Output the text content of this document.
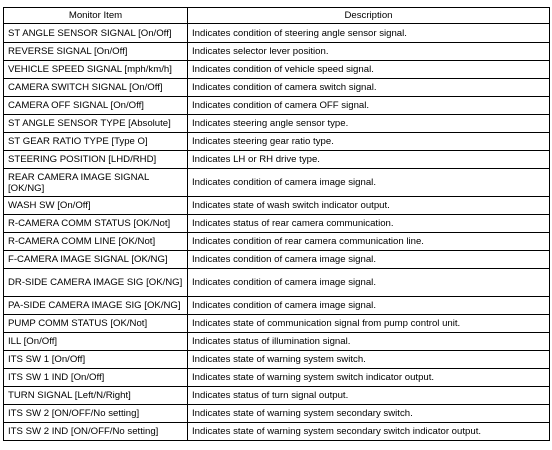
Monitor Item	Description
ST ANGLE SENSOR SIGNAL [On/Off]	Indicates condition of steering angle sensor signal.
REVERSE SIGNAL [On/Off]	Indicates selector lever position.
VEHICLE SPEED SIGNAL [mph/km/h]	Indicates condition of vehicle speed signal.
CAMERA SWITCH SIGNAL [On/Off]	Indicates condition of camera switch signal.
CAMERA OFF SIGNAL [On/Off]	Indicates condition of camera OFF signal.
ST ANGLE SENSOR TYPE [Absolute]	Indicates steering angle sensor type.
ST GEAR RATIO TYPE [Type O]	Indicates steering gear ratio type.
STEERING POSITION [LHD/RHD]	Indicates LH or RH drive type.
REAR CAMERA IMAGE SIGNAL [OK/NG]	Indicates condition of camera image signal.
WASH SW [On/Off]	Indicates state of wash switch indicator output.
R-CAMERA COMM STATUS [OK/Not]	Indicates status of rear camera communication.
R-CAMERA COMM LINE [OK/Not]	Indicates condition of rear camera communication line.
F-CAMERA IMAGE SIGNAL [OK/NG]	Indicates condition of camera image signal.
DR-SIDE CAMERA IMAGE SIG [OK/NG]	Indicates condition of camera image signal.
PA-SIDE CAMERA IMAGE SIG [OK/NG]	Indicates condition of camera image signal.
PUMP COMM STATUS [OK/Not]	Indicates state of communication signal from pump control unit.
ILL [On/Off]	Indicates status of illumination signal.
ITS SW 1 [On/Off]	Indicates state of warning system switch.
ITS SW 1 IND [On/Off]	Indicates state of warning system switch indicator output.
TURN SIGNAL [Left/N/Right]	Indicates status of turn signal output.
ITS SW 2 [ON/OFF/No setting]	Indicates state of warning system secondary switch.
ITS SW 2 IND [ON/OFF/No setting]	Indicates state of warning system secondary switch indicator output.
